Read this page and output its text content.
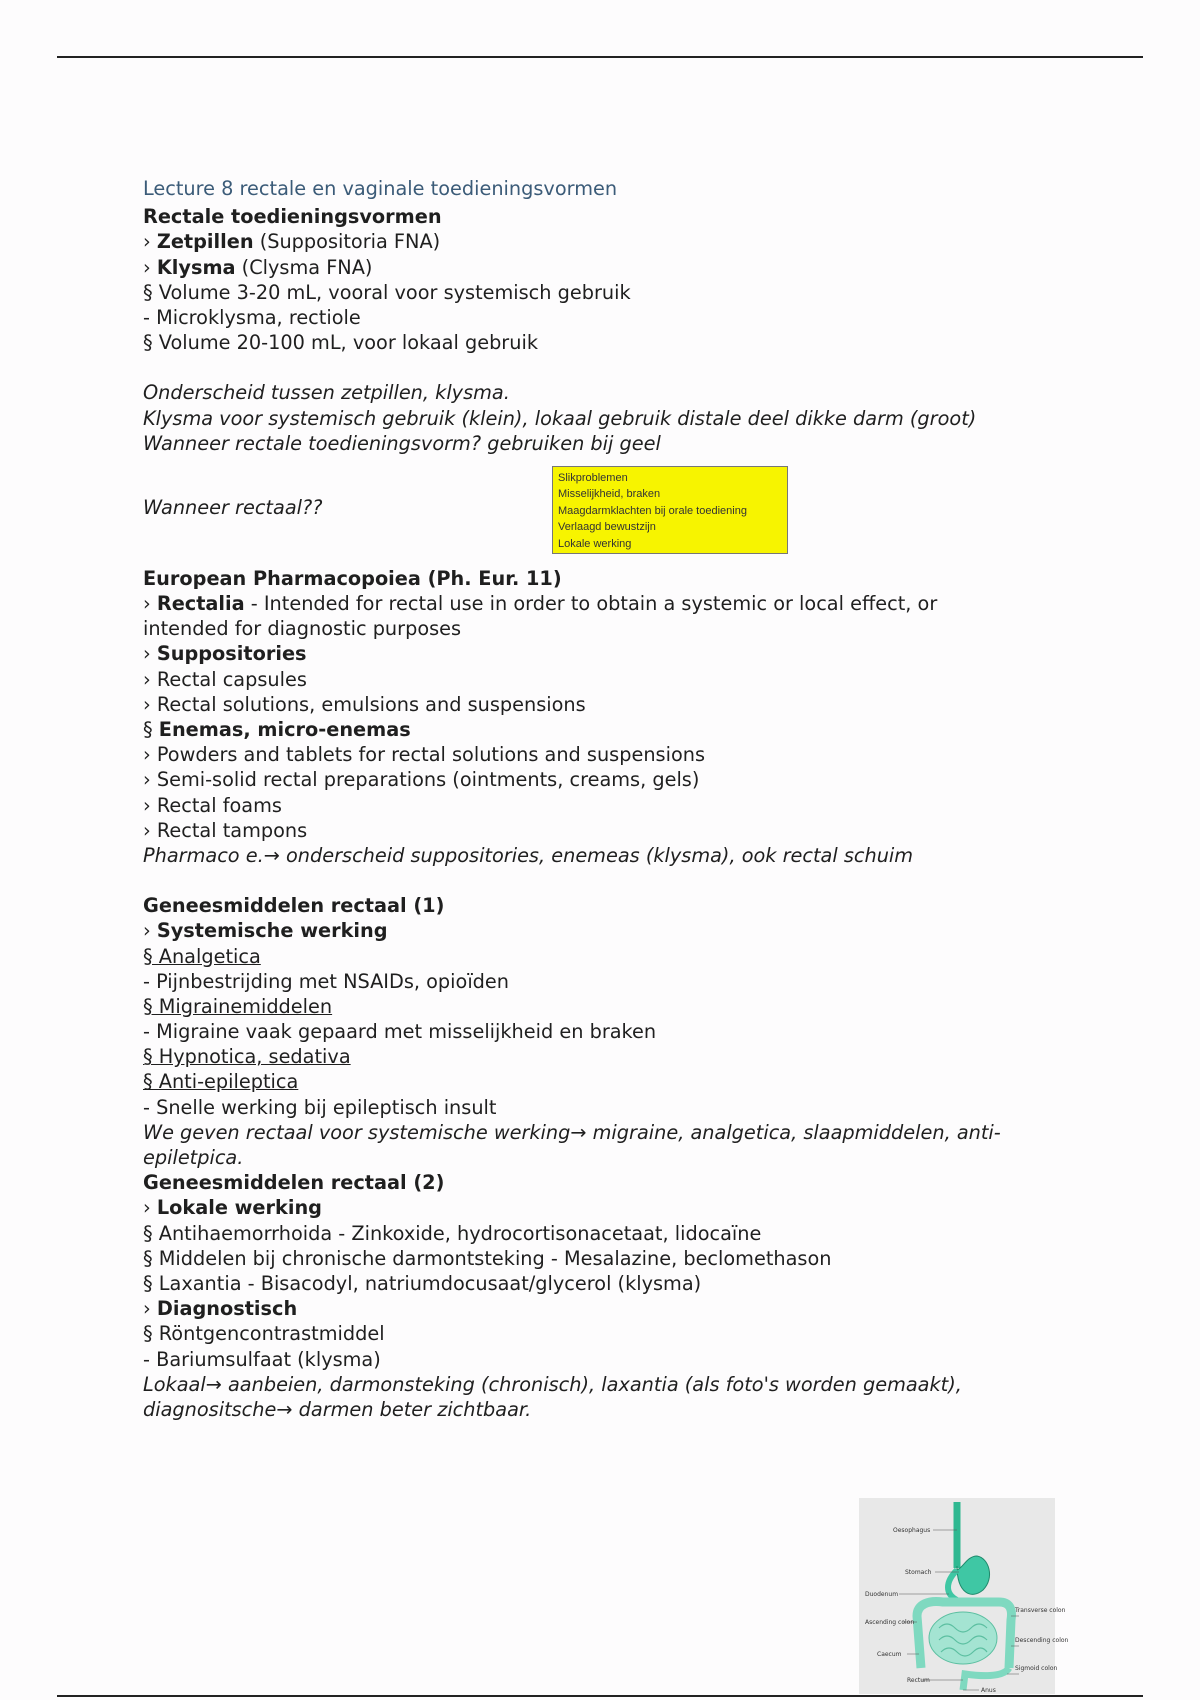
Lecture 8 rectale en vaginale toedieningsvormen
Rectale toedieningsvormen
› Zetpillen (Suppositoria FNA)
› Klysma (Clysma FNA)
§ Volume 3-20 mL, vooral voor systemisch gebruik
- Microklysma, rectiole
§ Volume 20-100 mL, voor lokaal gebruik
Onderscheid tussen zetpillen, klysma.
Klysma voor systemisch gebruik (klein), lokaal gebruik distale deel dikke darm (groot)
Wanneer rectale toedieningsvorm? gebruiken bij geel
Wanneer rectaal??
Slikproblemen
Misselijkheid, braken
Maagdarmklachten bij orale toediening
Verlaagd bewustzijn
Lokale werking
European Pharmacopoiea (Ph. Eur. 11)
› Rectalia - Intended for rectal use in order to obtain a systemic or local effect, or
intended for diagnostic purposes
› Suppositories
› Rectal capsules
› Rectal solutions, emulsions and suspensions
§ Enemas, micro-enemas
› Powders and tablets for rectal solutions and suspensions
› Semi-solid rectal preparations (ointments, creams, gels)
› Rectal foams
› Rectal tampons
Pharmaco e.→ onderscheid suppositories, enemeas (klysma), ook rectal schuim
Geneesmiddelen rectaal (1)
› Systemische werking
§ Analgetica
- Pijnbestrijding met NSAIDs, opioïden
§ Migrainemiddelen
- Migraine vaak gepaard met misselijkheid en braken
§ Hypnotica, sedativa
§ Anti-epileptica
- Snelle werking bij epileptisch insult
We geven rectaal voor systemische werking→ migraine, analgetica, slaapmiddelen, anti-epiletpica.
Geneesmiddelen rectaal (2)
› Lokale werking
§ Antihaemorrhoida - Zinkoxide, hydrocortisonacetaat, lidocaïne
§ Middelen bij chronische darmontsteking - Mesalazine, beclomethason
§ Laxantia - Bisacodyl, natriumdocusaat/glycerol (klysma)
› Diagnostisch
§ Röntgencontrastmiddel
- Bariumsulfaat (klysma)
Lokaal→ aanbeien, darmonsteking (chronisch), laxantia (als foto's worden gemaakt), diagnositsche→ darmen beter zichtbaar.
Oesophagus
Stomach
Duodenum
Ascending colon
Caecum
Rectum
Anus
Transverse colon
Descending colon
Sigmoid colon
